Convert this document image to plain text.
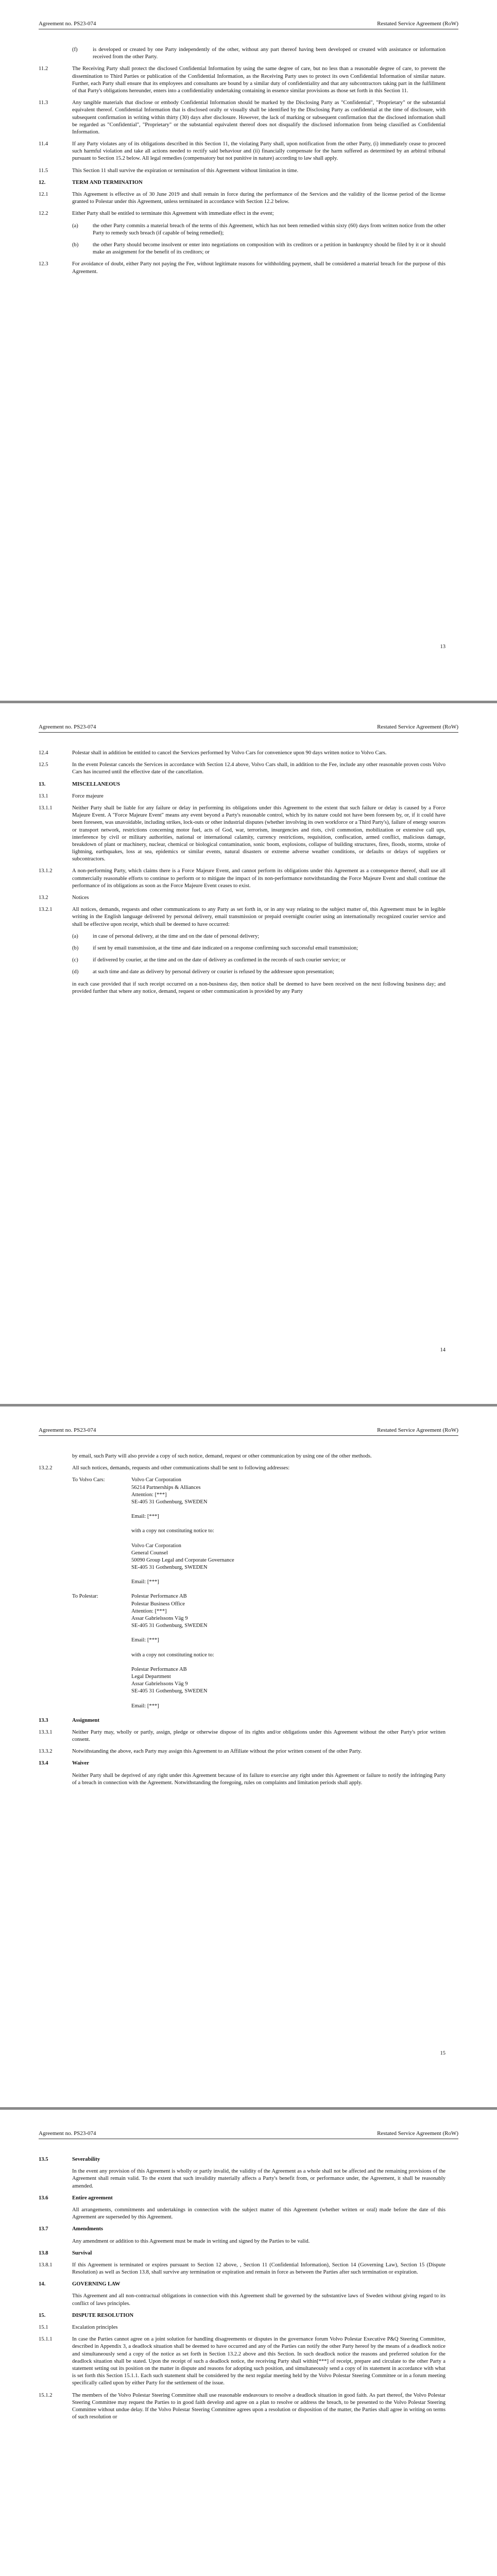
Agreement no. PS23-074	Restated Service Agreement (RoW)
(f)	is developed or created by one Party independently of the other, without any part thereof having been developed or created with assistance or information received from the other Party.
11.2	The Receiving Party shall protect the disclosed Confidential Information by using the same degree of care, but no less than a reasonable degree of care, to prevent the dissemination to Third Parties or publication of the Confidential Information, as the Receiving Party uses to protect its own Confidential Information of similar nature. Further, each Party shall ensure that its employees and consultants are bound by a similar duty of confidentiality and that any subcontractors taking part in the fulfillment of that Party's obligations hereunder, enters into a confidentiality undertaking containing in essence similar provisions as those set forth in this Section 11.
11.3	Any tangible materials that disclose or embody Confidential Information should be marked by the Disclosing Party as "Confidential", "Proprietary" or the substantial equivalent thereof. Confidential Information that is disclosed orally or visually shall be identified by the Disclosing Party as confidential at the time of disclosure, with subsequent confirmation in writing within thirty (30) days after disclosure. However, the lack of marking or subsequent confirmation that the disclosed information shall be regarded as "Confidential", "Proprietary" or the substantial equivalent thereof does not disqualify the disclosed information from being classified as Confidential Information.
11.4	If any Party violates any of its obligations described in this Section 11, the violating Party shall, upon notification from the other Party, (i) immediately cease to proceed such harmful violation and take all actions needed to rectify said behaviour and (ii) financially compensate for the harm suffered as determined by an arbitral tribunal pursuant to Section 15.2 below. All legal remedies (compensatory but not punitive in nature) according to law shall apply.
11.5	This Section 11 shall survive the expiration or termination of this Agreement without limitation in time.
12.	TERM AND TERMINATION
12.1	This Agreement is effective as of 30 June 2019 and shall remain in force during the performance of the Services and the validity of the license period of the license granted to Polestar under this Agreement, unless terminated in accordance with Section 12.2 below.
12.2	Either Party shall be entitled to terminate this Agreement with immediate effect in the event;
(a)	the other Party commits a material breach of the terms of this Agreement, which has not been remedied within sixty (60) days from written notice from the other Party to remedy such breach (if capable of being remedied);
(b)	the other Party should become insolvent or enter into negotiations on composition with its creditors or a petition in bankruptcy should be filed by it or it should make an assignment for the benefit of its creditors; or
12.3	For avoidance of doubt, either Party not paying the Fee, without legitimate reasons for withholding payment, shall be considered a material breach for the purpose of this Agreement.
13
Agreement no. PS23-074	Restated Service Agreement (RoW)
12.4	Polestar shall in addition be entitled to cancel the Services performed by Volvo Cars for convenience upon 90 days written notice to Volvo Cars.
12.5	In the event Polestar cancels the Services in accordance with Section 12.4 above, Volvo Cars shall, in addition to the Fee, include any other reasonable proven costs Volvo Cars has incurred until the effective date of the cancellation.
13.	MISCELLANEOUS
13.1	Force majeure
13.1.1	Neither Party shall be liable for any failure or delay in performing its obligations under this Agreement to the extent that such failure or delay is caused by a Force Majeure Event. A "Force Majeure Event" means any event beyond a Party's reasonable control, which by its nature could not have been foreseen by, or, if it could have been foreseen, was unavoidable, including strikes, lock-outs or other industrial disputes (whether involving its own workforce or a Third Party's), failure of energy sources or transport network, restrictions concerning motor fuel, acts of God, war, terrorism, insurgencies and riots, civil commotion, mobilization or extensive call ups, interference by civil or military authorities, national or international calamity, currency restrictions, requisition, confiscation, armed conflict, malicious damage, breakdown of plant or machinery, nuclear, chemical or biological contamination, sonic boom, explosions, collapse of building structures, fires, floods, storms, stroke of lightning, earthquakes, loss at sea, epidemics or similar events, natural disasters or extreme adverse weather conditions, or defaults or delays of suppliers or subcontractors.
13.1.2	A non-performing Party, which claims there is a Force Majeure Event, and cannot perform its obligations under this Agreement as a consequence thereof, shall use all commercially reasonable efforts to continue to perform or to mitigate the impact of its non-performance notwithstanding the Force Majeure Event and shall continue the performance of its obligations as soon as the Force Majeure Event ceases to exist.
13.2	Notices
13.2.1	All notices, demands, requests and other communications to any Party as set forth in, or in any way relating to the subject matter of, this Agreement must be in legible writing in the English language delivered by personal delivery, email transmission or prepaid overnight courier using an internationally recognized courier service and shall be effective upon receipt, which shall be deemed to have occurred:
(a)	in case of personal delivery, at the time and on the date of personal delivery;
(b)	if sent by email transmission, at the time and date indicated on a response confirming such successful email transmission;
(c)	if delivered by courier, at the time and on the date of delivery as confirmed in the records of such courier service; or
(d)	at such time and date as delivery by personal delivery or courier is refused by the addressee upon presentation;
in each case provided that if such receipt occurred on a non-business day, then notice shall be deemed to have been received on the next following business day; and provided further that where any notice, demand, request or other communication is provided by any Party
14
Agreement no. PS23-074	Restated Service Agreement (RoW)
by email, such Party will also provide a copy of such notice, demand, request or other communication by using one of the other methods.
13.2.2	All such notices, demands, requests and other communications shall be sent to following addresses:
To Volvo Cars:	Volvo Car Corporation
56214 Partnerships & Alliances
Attention: [***]
SE-405 31 Gothenburg, SWEDEN
Email: [***]
with a copy not constituting notice to:
Volvo Car Corporation
General Counsel
50090 Group Legal and Corporate Governance
SE-405 31 Gothenburg, SWEDEN
Email: [***]
To Polestar:	Polestar Performance AB
Polestar Business Office
Attention: [***]
Assar Gabrielssons Väg 9
SE-405 31 Gothenburg, SWEDEN
Email: [***]
with a copy not constituting notice to:
Polestar Performance AB
Legal Department
Assar Gabrielssons Väg 9
SE-405 31 Gothenburg, SWEDEN
Email: [***]
13.3	Assignment
13.3.1	Neither Party may, wholly or partly, assign, pledge or otherwise dispose of its rights and/or obligations under this Agreement without the other Party's prior written consent.
13.3.2	Notwithstanding the above, each Party may assign this Agreement to an Affiliate without the prior written consent of the other Party.
13.4	Waiver
Neither Party shall be deprived of any right under this Agreement because of its failure to exercise any right under this Agreement or failure to notify the infringing Party of a breach in connection with the Agreement. Notwithstanding the foregoing, rules on complaints and limitation periods shall apply.
15
Agreement no. PS23-074	Restated Service Agreement (RoW)
13.5	Severability
In the event any provision of this Agreement is wholly or partly invalid, the validity of the Agreement as a whole shall not be affected and the remaining provisions of the Agreement shall remain valid. To the extent that such invalidity materially affects a Party's benefit from, or performance under, the Agreement, it shall be reasonably amended.
13.6	Entire agreement
All arrangements, commitments and undertakings in connection with the subject matter of this Agreement (whether written or oral) made before the date of this Agreement are superseded by this Agreement.
13.7	Amendments
Any amendment or addition to this Agreement must be made in writing and signed by the Parties to be valid.
13.8	Survival
13.8.1	If this Agreement is terminated or expires pursuant to Section 12 above, , Section 11 (Confidential Information), Section 14 (Governing Law), Section 15 (Dispute Resolution) as well as Section 13.8, shall survive any termination or expiration and remain in force as between the Parties after such termination or expiration.
14.	GOVERNING LAW
This Agreement and all non-contractual obligations in connection with this Agreement shall be governed by the substantive laws of Sweden without giving regard to its conflict of laws principles.
15.	DISPUTE RESOLUTION
15.1	Escalation principles
15.1.1	In case the Parties cannot agree on a joint solution for handling disagreements or disputes in the governance forum Volvo Polestar Executive P&Q Steering Committee, described in Appendix 3, a deadlock situation shall be deemed to have occurred and any of the Parties can notify the other Party hereof by the means of a deadlock notice and simultaneously send a copy of the notice as set forth in Section 13.2.2 above and this Section. In such deadlock notice the reasons and preferred solution for the deadlock situation shall be stated. Upon the receipt of such a deadlock notice, the receiving Party shall within[***] of receipt, prepare and circulate to the other Party a statement setting out its position on the matter in dispute and reasons for adopting such position, and simultaneously send a copy of its statement in accordance with what is set forth this Section 15.1.1. Each such statement shall be considered by the next regular meeting held by the Volvo Polestar Steering Committee or in a forum meeting specifically called upon by either Party for the settlement of the issue.
15.1.2	The members of the Volvo Polestar Steering Committee shall use reasonable endeavours to resolve a deadlock situation in good faith. As part thereof, the Volvo Polestar Steering Committee may request the Parties to in good faith develop and agree on a plan to resolve or address the breach, to be presented to the Volvo Polestar Steering Committee without undue delay. If the Volvo Polestar Steering Committee agrees upon a resolution or disposition of the matter, the Parties shall agree in writing on terms of such resolution or
